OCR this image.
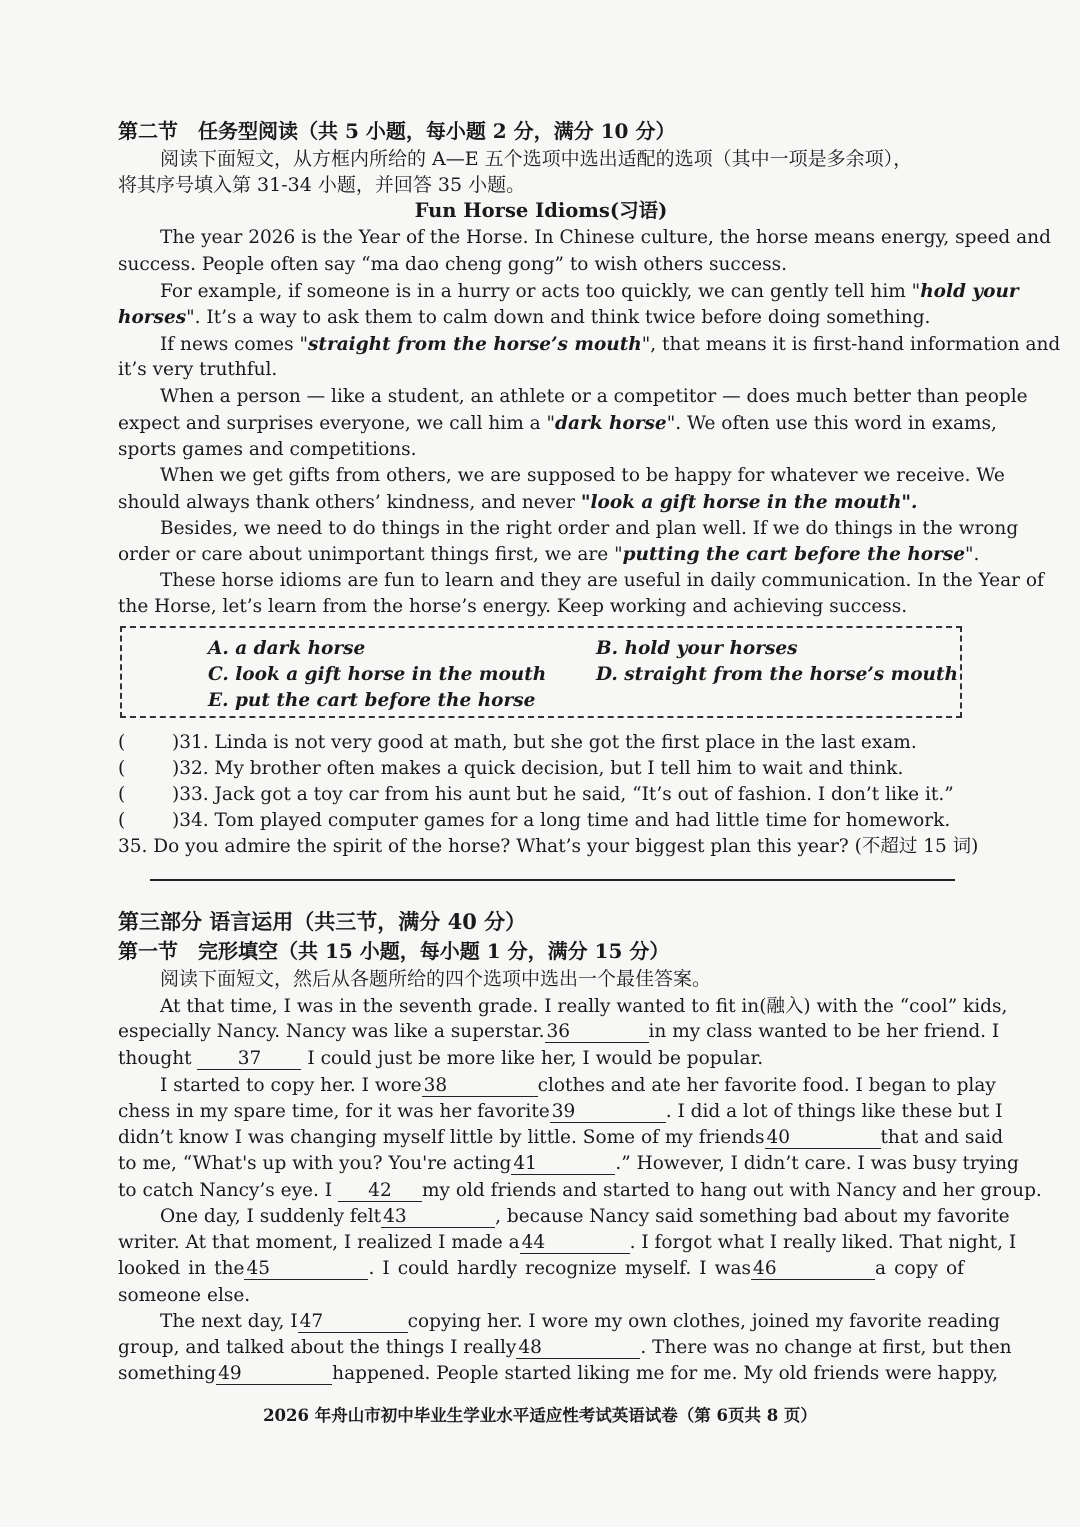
第二节　任务型阅读（共 5 小题，每小题 2 分，满分 10 分）

阅读下面短文，从方框内所给的 A—E 五个选项中选出适配的选项（其中一项是多余项），

将其序号填入第 31-34 小题，并回答 35 小题。

Fun Horse Idioms(习语)

The year 2026 is the Year of the Horse. In Chinese culture, the horse means energy, speed and

success. People often say “ma dao cheng gong” to wish others success.

For example, if someone is in a hurry or acts too quickly, we can gently tell him "hold your

horses". It’s a way to ask them to calm down and think twice before doing something.

If news comes "straight from the horse’s mouth", that means it is first-hand information and

it’s very truthful.

When a person — like a student, an athlete or a competitor — does much better than people

expect and surprises everyone, we call him a "dark horse". We often use this word in exams,

sports games and competitions.

When we get gifts from others, we are supposed to be happy for whatever we receive. We

should always thank others’ kindness, and never "look a gift horse in the mouth".

Besides, we need to do things in the right order and plan well. If we do things in the wrong

order or care about unimportant things first, we are "putting the cart before the horse".

These horse idioms are fun to learn and they are useful in daily communication. In the Year of

the Horse, let’s learn from the horse’s energy. Keep working and achieving success.

A. a dark horse	B. hold your horses
C. look a gift horse in the mouth	D. straight from the horse’s mouth
E. put the cart before the horse
(	)31. Linda is not very good at math, but she got the first place in the last exam.
(	)32. My brother often makes a quick decision, but I tell him to wait and think.
(	)33. Jack got a toy car from his aunt but he said, “It’s out of fashion. I don’t like it.”
(	)34. Tom played computer games for a long time and had little time for homework.

35. Do you admire the spirit of the horse? What’s your biggest plan this year? (不超过 15 词)

第三部分 语言运用（共三节，满分 40 分）

第一节　完形填空（共 15 小题，每小题 1 分，满分 15 分）

阅读下面短文，然后从各题所给的四个选项中选出一个最佳答案。

At that time, I was in the seventh grade. I really wanted to fit in(融入) with the “cool” kids,

especially Nancy. Nancy was like a superstar. 36	in my class wanted to be her friend. I

thought 37 I could just be more like her, I would be popular.

I started to copy her. I wore 38	clothes and ate her favorite food. I began to play

chess in my spare time, for it was her favorite 39	. I did a lot of things like these but I

didn’t know I was changing myself little by little. Some of my friends 40	that and said

to me, “What's up with you? You're acting 41	.” However, I didn’t care. I was busy trying

to catch Nancy’s eye. I 42 my old friends and started to hang out with Nancy and her group.

One day, I suddenly felt 43	, because Nancy said something bad about my favorite

writer. At that moment, I realized I made a 44	. I forgot what I really liked. That night, I

looked in the 45	. I could hardly recognize myself. I was 46	a copy of

someone else.

The next day, I 47	copying her. I wore my own clothes, joined my favorite reading

group, and talked about the things I really 48	. There was no change at first, but then

something 49	happened. People started liking me for me. My old friends were happy,

2026 年舟山市初中毕业生学业水平适应性考试英语试卷（第 6页共 8 页）
